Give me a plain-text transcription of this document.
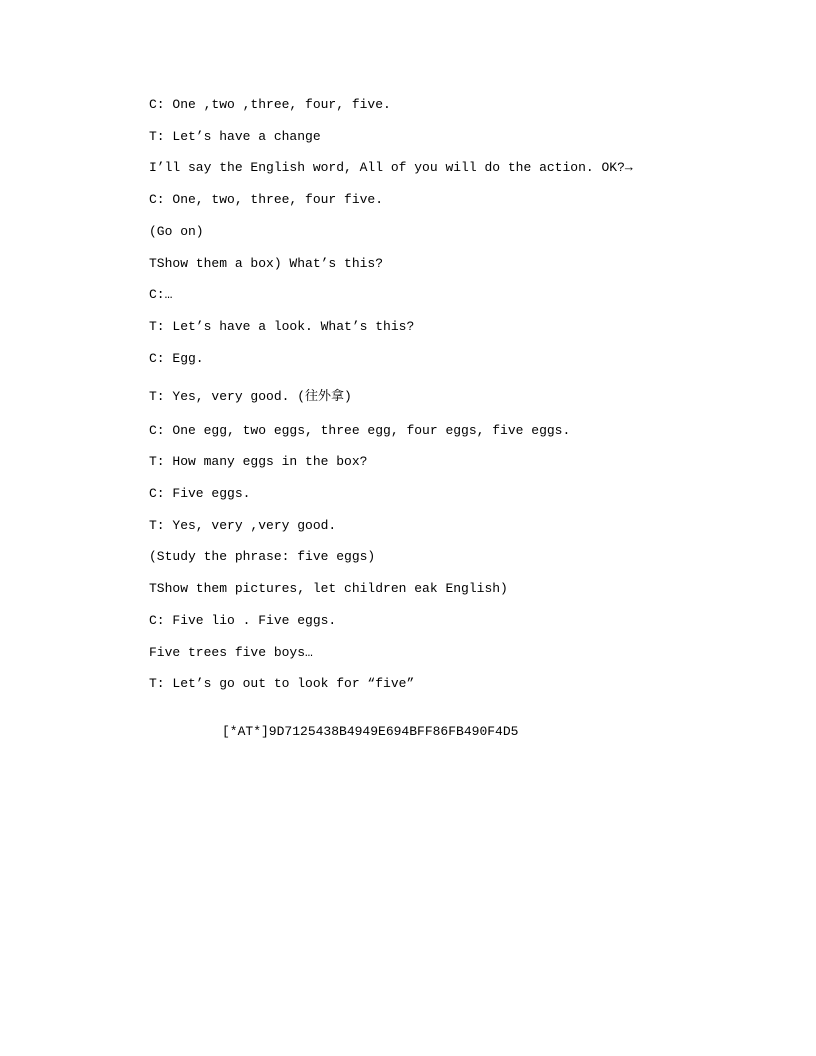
C: One ,two ,three, four, five.

T: Let’s have a change

I’ll say the English word, All of you will do the action. OK?→

C: One, two, three, four five.

(Go on)

TShow them a box) What’s this?

C:…

T: Let’s have a look. What’s this?

C: Egg.

T: Yes, very good. (往外拿)

C: One egg, two eggs, three egg, four eggs, five eggs.

T: How many eggs in the box?

C: Five eggs.

T: Yes, very ,very good.

(Study the phrase: five eggs)

TShow them pictures, let children eak English)

C: Five lio . Five eggs.

Five trees five boys…

T: Let’s go out to look for “five”

[*AT*]9D7125438B4949E694BFF86FB490F4D5
